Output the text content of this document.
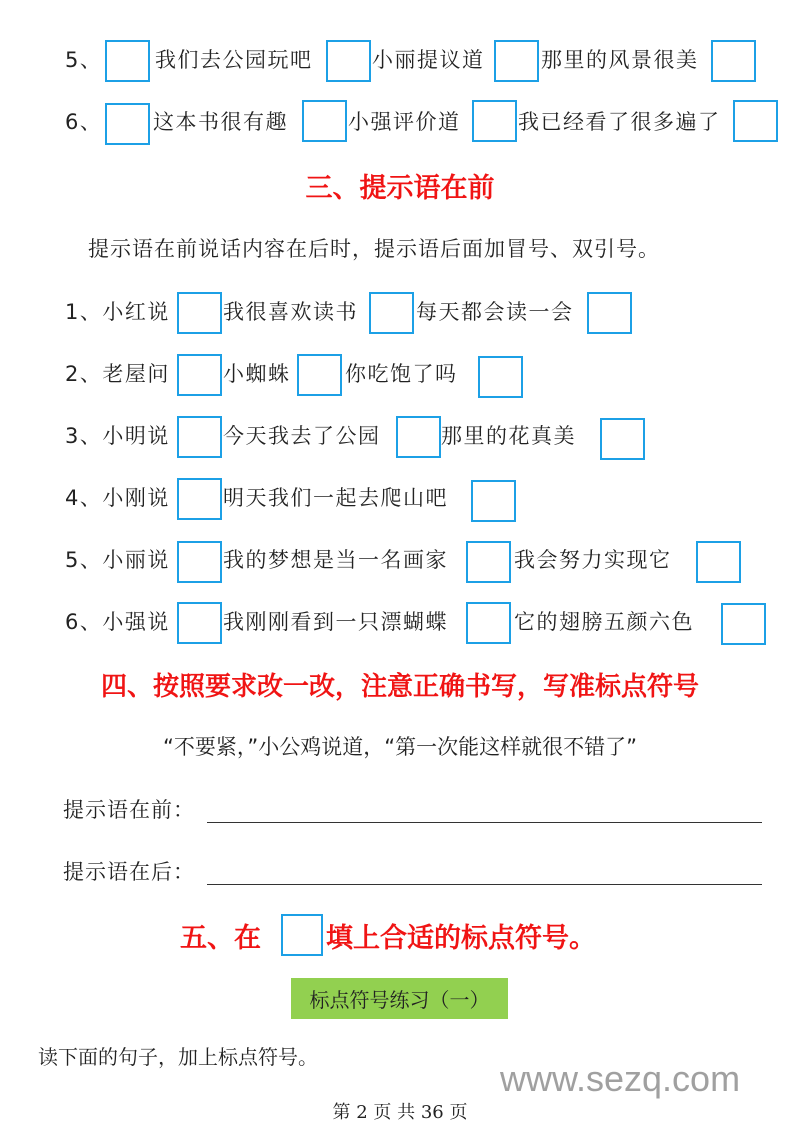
5、	我们去公园玩吧	小丽提议道	那里的风景很美
6、 这本书很有趣	小强评价道	我已经看了很多遍了
三、提示语在前
提示语在前说话内容在后时，提示语后面加冒号、双引号。
1、小红说	我很喜欢读书	每天都会读一会
2、老屋问	小蜘蛛	你吃饱了吗
3、小明说	今天我去了公园	那里的花真美
4、小刚说	明天我们一起去爬山吧
5、小丽说	我的梦想是当一名画家	我会努力实现它
6、小强说	我刚刚看到一只漂蝴蝶	它的翅膀五颜六色
四、按照要求改一改，注意正确书写，写准标点符号
“不要紧，”小公鸡说道，“第一次能这样就很不错了”
提示语在前：
提示语在后：
五、在 填上合适的标点符号。
标点符号练习（一）
读下面的句子，加上标点符号。
www.sezq.com
第 2 页 共 36 页
